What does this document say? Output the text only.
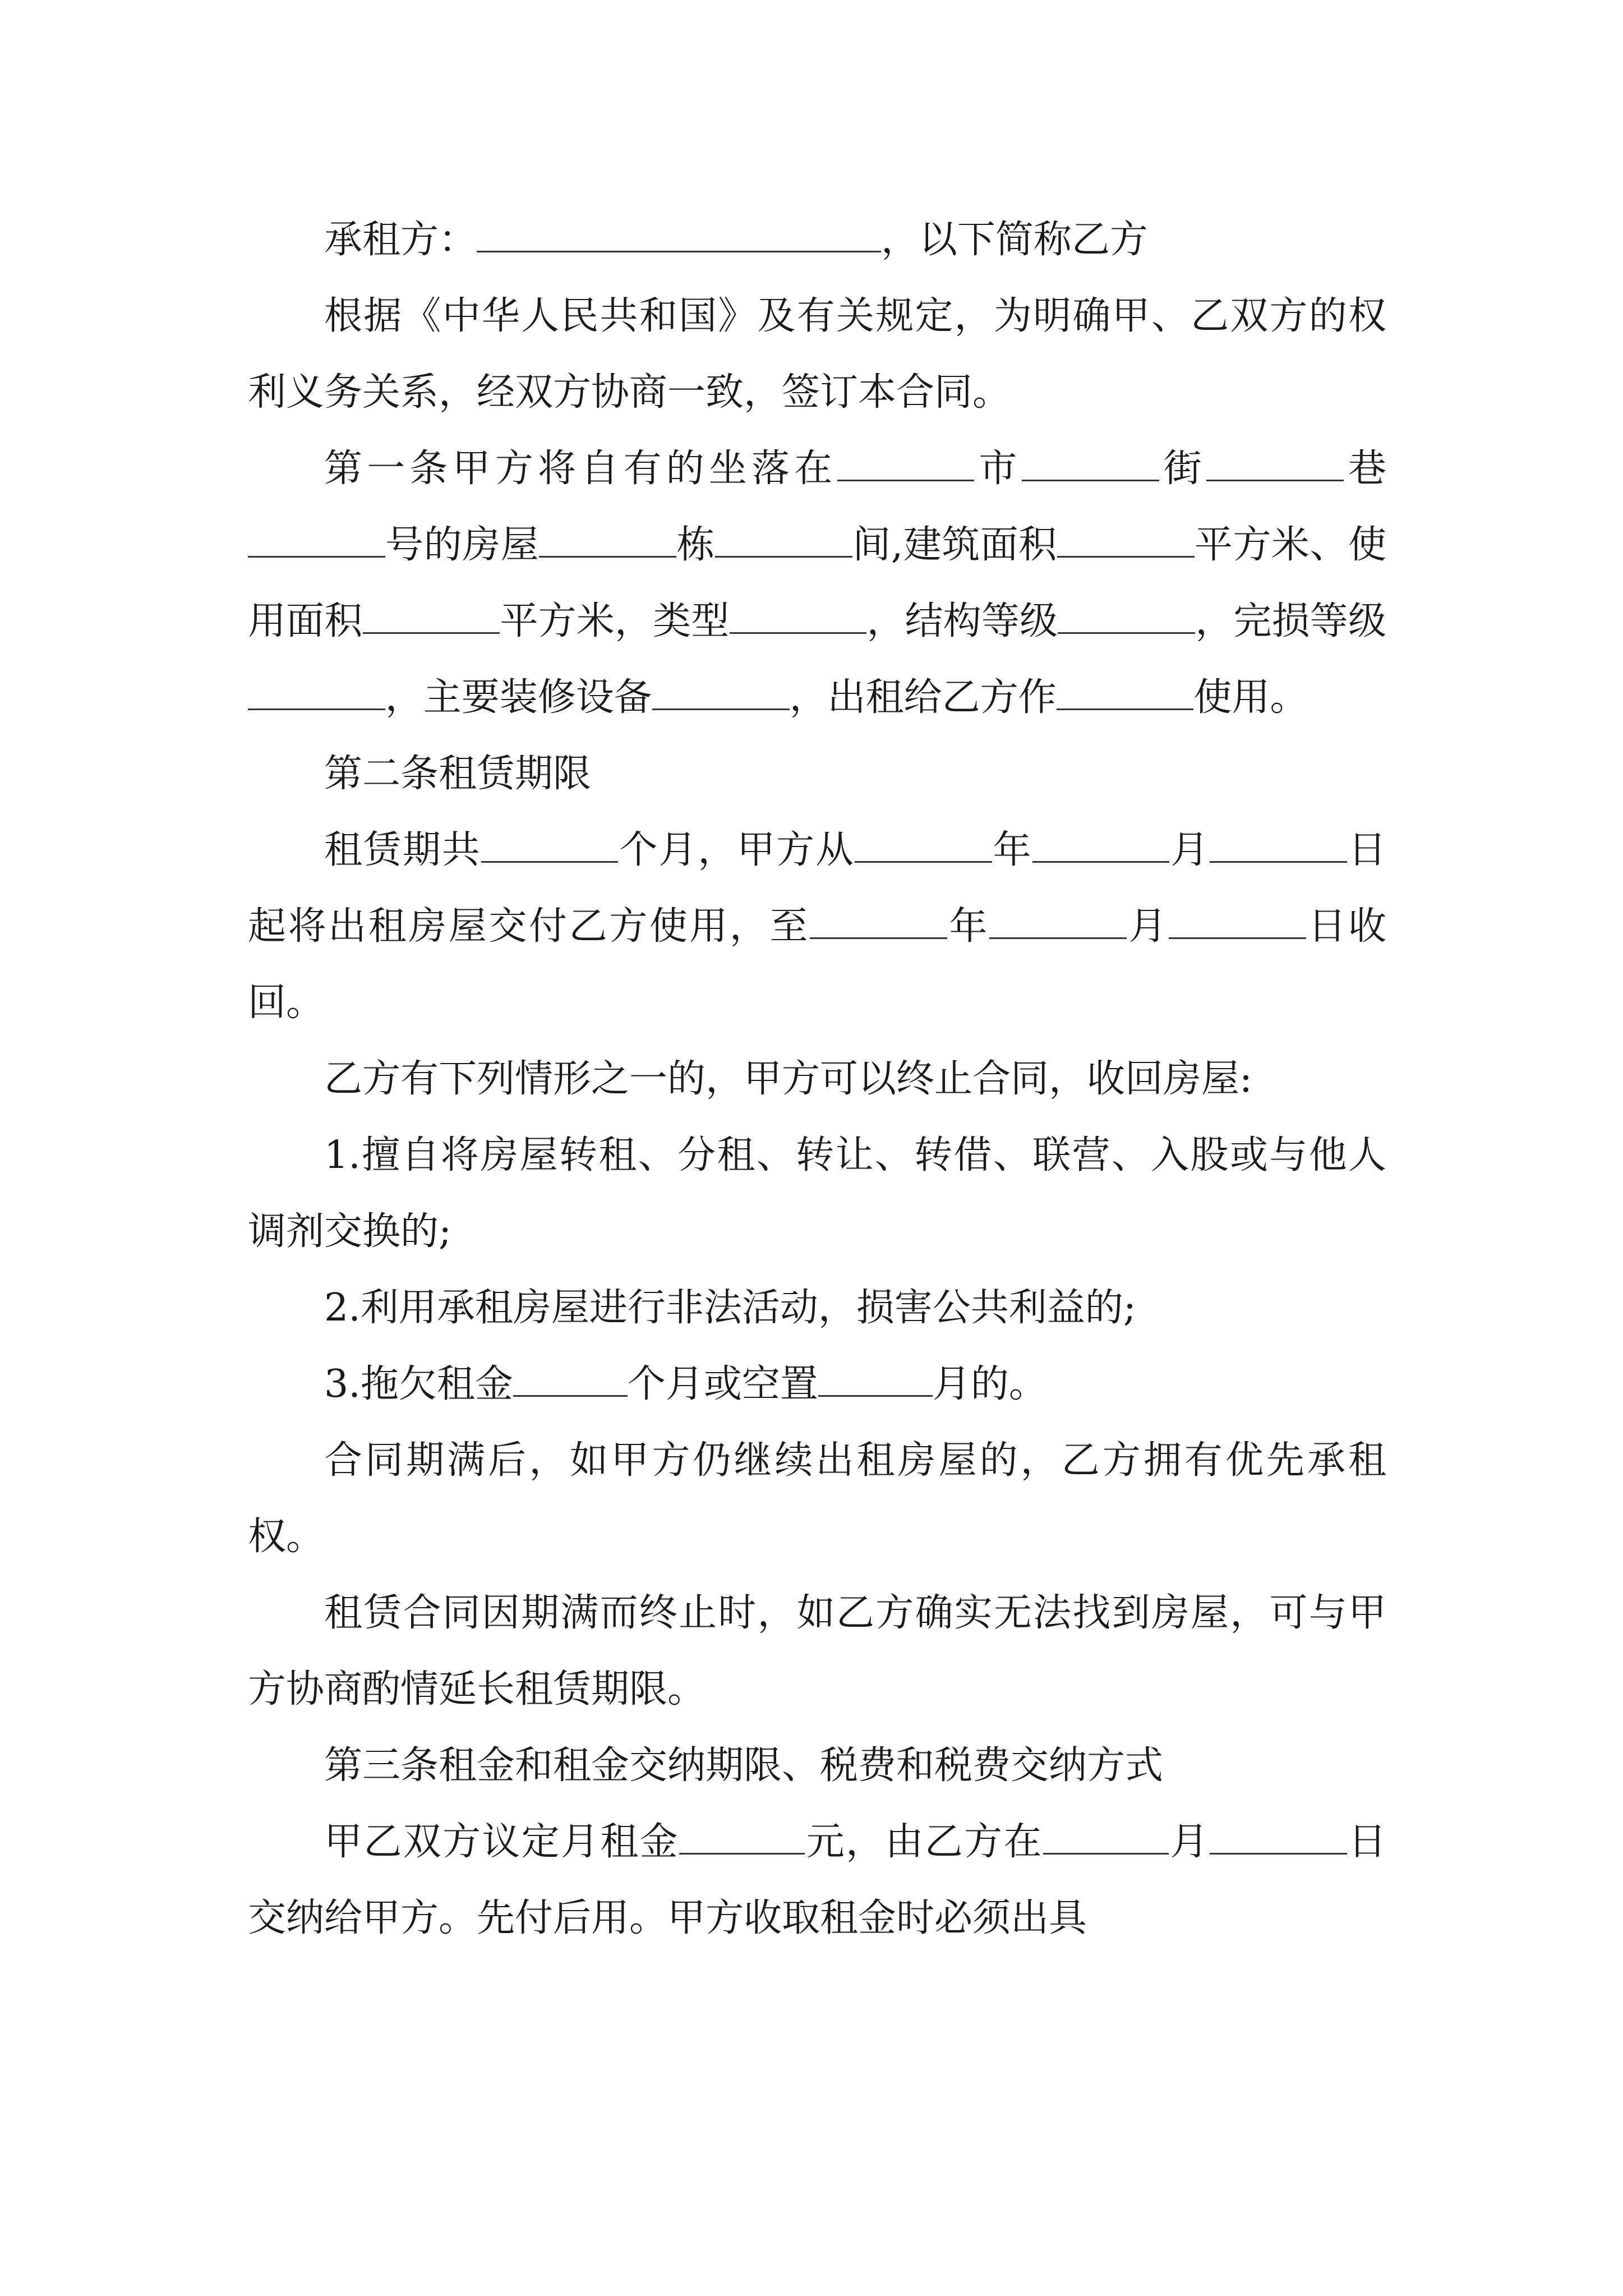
承租方：	，以下简称乙方

根据《中华人民共和国》及有关规定，为明确甲、乙双方的权利义务关系，经双方协商一致，签订本合同。

第一条甲方将自有的坐落在	市	街	巷号的房屋	栋	间,建筑面积	平方米、使用面积	平方米，类型	，结构等级	，完损等级，主要装修设备	，出租给乙方作	使用。

第二条租赁期限

租赁期共	个月，甲方从	年	月	日起将出租房屋交付乙方使用，至	年	月	日收回。

乙方有下列情形之一的，甲方可以终止合同，收回房屋:

1.擅自将房屋转租、分租、转让、转借、联营、入股或与他人调剂交换的;

2.利用承租房屋进行非法活动，损害公共利益的;

3.拖欠租金	个月或空置	月的。

合同期满后，如甲方仍继续出租房屋的，乙方拥有优先承租权。

租赁合同因期满而终止时，如乙方确实无法找到房屋，可与甲方协商酌情延长租赁期限。

第三条租金和租金交纳期限、税费和税费交纳方式

甲乙双方议定月租金	元，由乙方在	月	日交纳给甲方。先付后用。甲方收取租金时必须出具
